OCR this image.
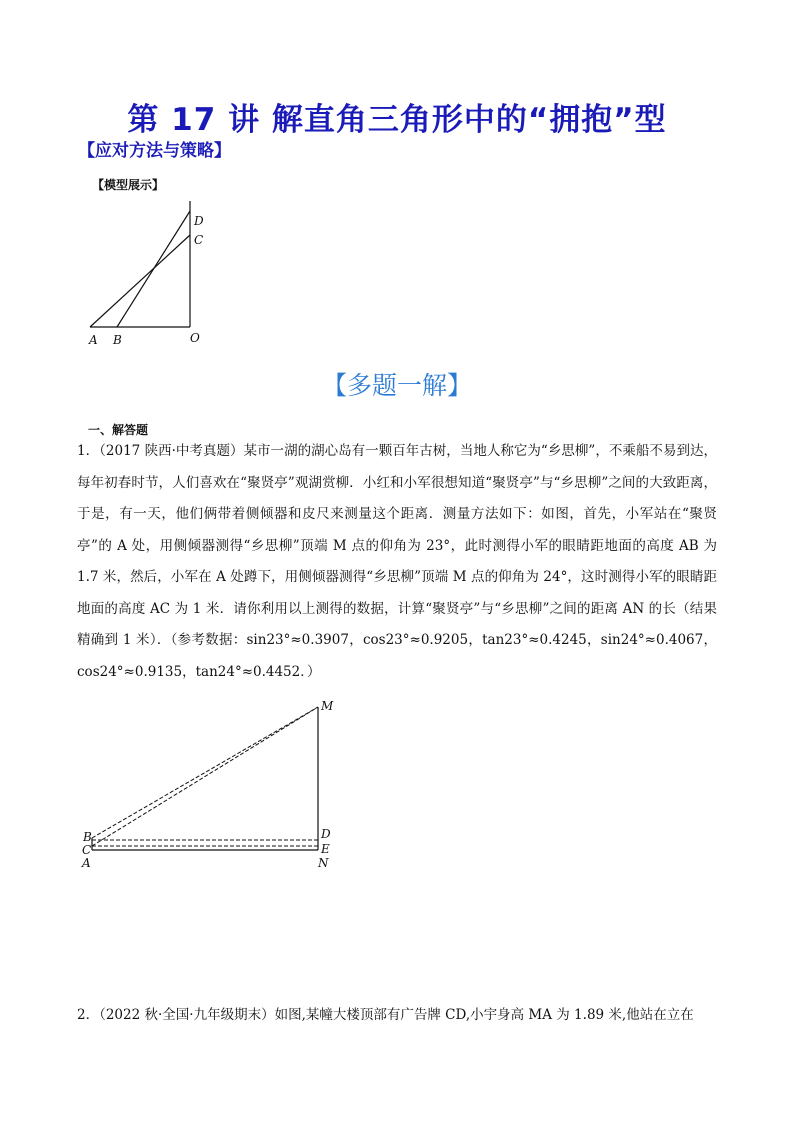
第 17 讲 解直角三角形中的“拥抱”型
【应对方法与策略】
【模型展示】
D
C
O
A B
【多题一解】
一、解答题
1．（2017 陕西·中考真题）某市一湖的湖心岛有一颗百年古树，当地人称它为“乡思柳”，不乘船不易到达，每年初春时节，人们喜欢在“聚贤亭”观湖赏柳．小红和小军很想知道“聚贤亭”与“乡思柳”之间的大致距离，于是，有一天，他们俩带着侧倾器和皮尺来测量这个距离．测量方法如下：如图，首先，小军站在“聚贤亭”的 A 处，用侧倾器测得“乡思柳”顶端 M 点的仰角为 23°，此时测得小军的眼睛距地面的高度 AB 为 1.7 米，然后，小军在 A 处蹲下，用侧倾器测得“乡思柳”顶端 M 点的仰角为 24°，这时测得小军的眼睛距地面的高度 AC 为 1 米．请你利用以上测得的数据，计算“聚贤亭”与“乡思柳”之间的距离 AN 的长（结果精确到 1 米）．（参考数据：sin23°≈0.3907，cos23°≈0.9205，tan23°≈0.4245，sin24°≈0.4067，cos24°≈0.9135，tan24°≈0.4452．）
M
B
C
A
D
E
N
2．（2022 秋·全国·九年级期末）如图,某幢大楼顶部有广告牌 CD,小宇身高 MA 为 1.89 米,他站在立在
